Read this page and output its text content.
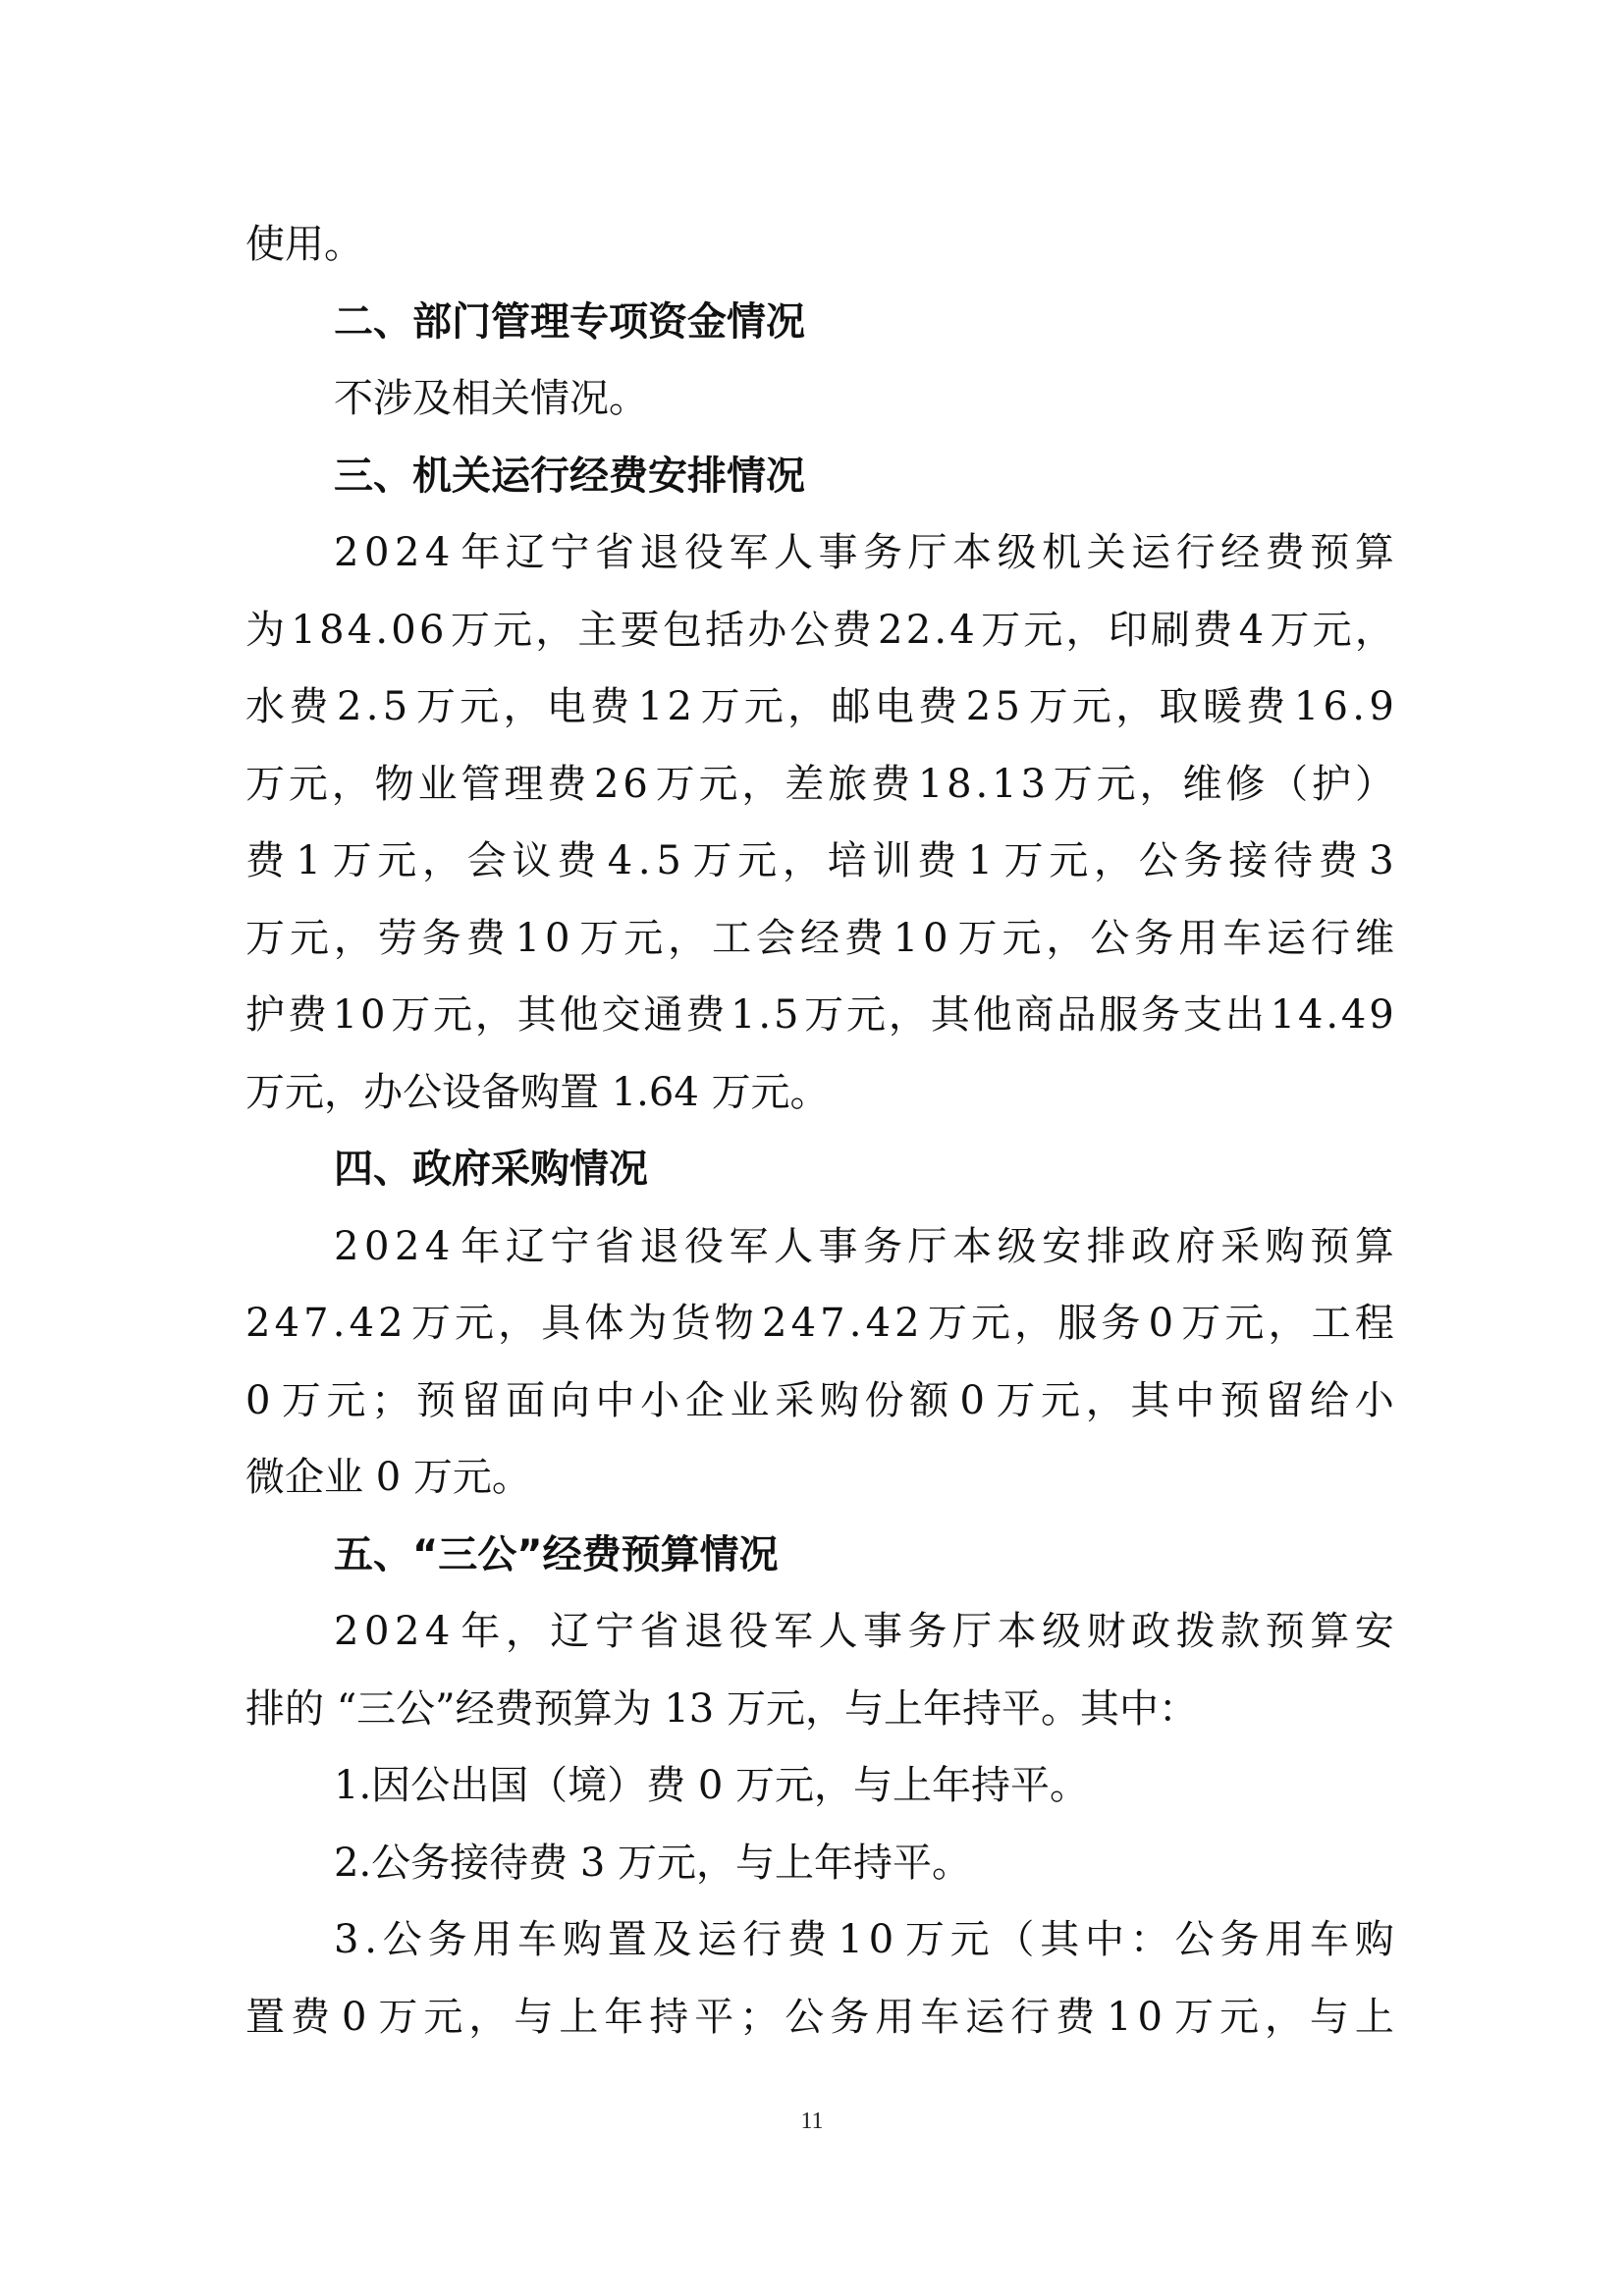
使用。
二、部门管理专项资金情况
不涉及相关情况。
三、机关运行经费安排情况
2 0 2 4 年 辽 宁 省 退 役 军 人 事 务 厅 本 级 机 关 运 行 经 费 预 算
为 1 8 4 . 0 6 万 元 ， 主 要 包 括 办 公 费 2 2 . 4 万 元 ， 印 刷 费 4 万 元 ，
水 费 2 . 5 万 元 ， 电 费 1 2 万 元 ， 邮 电 费 2 5 万 元 ， 取 暖 费 1 6 . 9
万 元 ， 物 业 管 理 费 2 6 万 元 ， 差 旅 费 1 8 . 1 3 万 元 ， 维 修 （ 护 ）
费 1 万 元 ， 会 议 费 4 . 5 万 元 ， 培 训 费 1 万 元 ， 公 务 接 待 费 3
万 元 ， 劳 务 费 1 0 万 元 ， 工 会 经 费 1 0 万 元 ， 公 务 用 车 运 行 维
护 费 1 0 万 元 ， 其 他 交 通 费 1 . 5 万 元 ， 其 他 商 品 服 务 支 出 1 4 . 4 9
万元，办公设备购置 1.64 万元。
四、政府采购情况
2 0 2 4 年 辽 宁 省 退 役 军 人 事 务 厅 本 级 安 排 政 府 采 购 预 算
2 4 7 . 4 2 万 元 ， 具 体 为 货 物 2 4 7 . 4 2 万 元 ， 服 务 0 万 元 ， 工 程
0 万 元 ； 预 留 面 向 中 小 企 业 采 购 份 额 0 万 元 ， 其 中 预 留 给 小
微企业 0 万元。
五、“三公”经费预算情况
2 0 2 4 年 ， 辽 宁 省 退 役 军 人 事 务 厅 本 级 财 政 拨 款 预 算 安
排的 “三公”经费预算为 13 万元，与上年持平。其中：
1.因公出国（境）费 0 万元，与上年持平。
2.公务接待费 3 万元，与上年持平。
3 . 公 务 用 车 购 置 及 运 行 费 1 0 万 元 （ 其 中 ： 公 务 用 车 购
置 费 0 万 元 ， 与 上 年 持 平 ； 公 务 用 车 运 行 费 1 0 万 元 ， 与 上
11
